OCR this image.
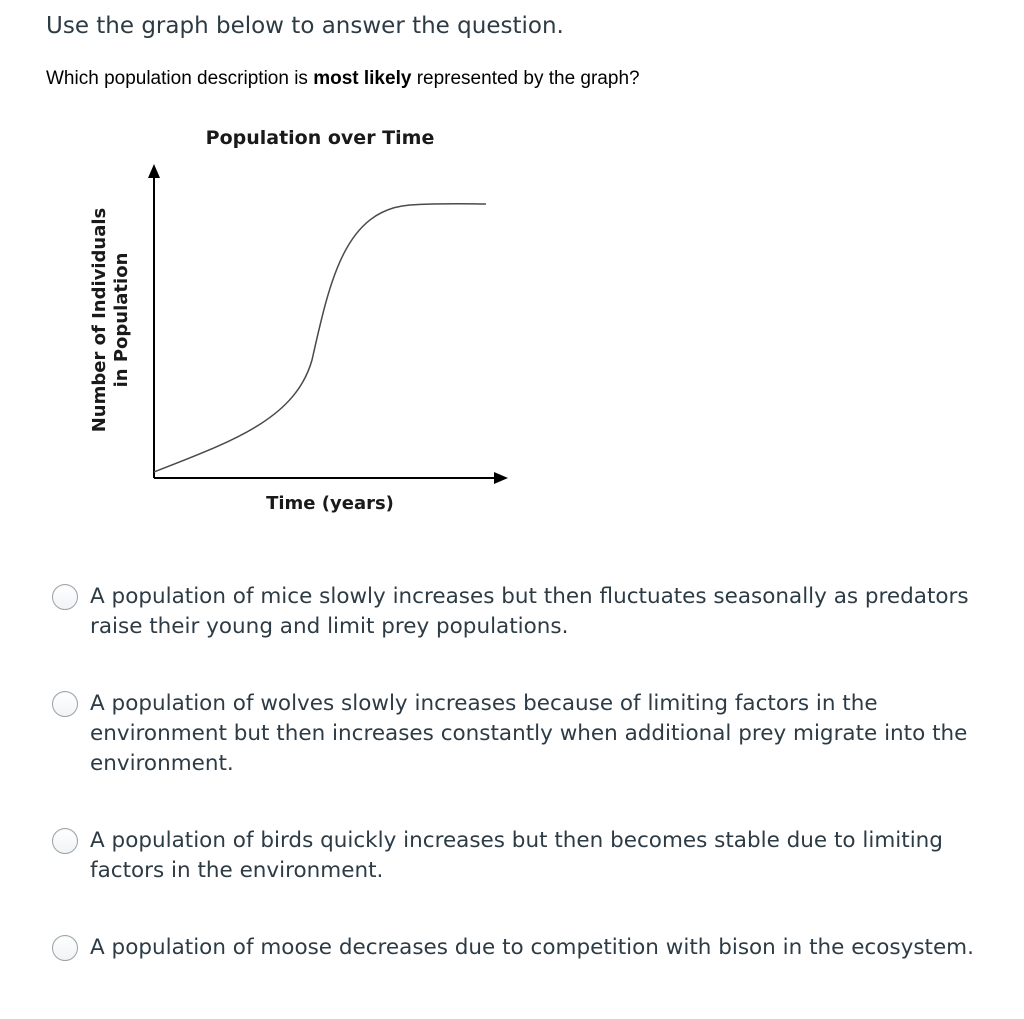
Use the graph below to answer the question.
Which population description is most likely represented by the graph?
Population over Time
Time (years)
Number of Individuals in Population
A population of mice slowly increases but then fluctuates seasonally as predators raise their young and limit prey populations.
A population of wolves slowly increases because of limiting factors in the environment but then increases constantly when additional prey migrate into the environment.
A population of birds quickly increases but then becomes stable due to limiting factors in the environment.
A population of moose decreases due to competition with bison in the ecosystem.
